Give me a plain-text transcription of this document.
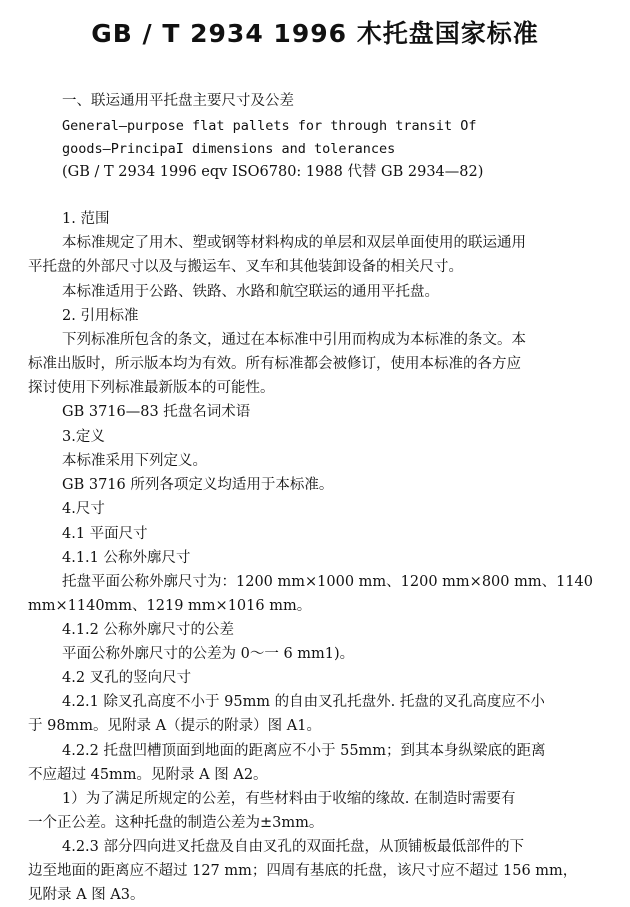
GB / T 2934 1996 木托盘国家标准
一、联运通用平托盘主要尺寸及公差
General—purpose flat pallets for through transit Of
goods—PrincipaI dimensions and tolerances
(GB / T 2934 1996 eqv ISO6780: 1988 代替 GB 2934—82)
1. 范围
本标准规定了用木、塑或钢等材料构成的单层和双层单面使用的联运通用
平托盘的外部尺寸以及与搬运车、叉车和其他装卸设备的相关尺寸。
本标准适用于公路、铁路、水路和航空联运的通用平托盘。
2. 引用标准
下列标准所包含的条文，通过在本标准中引用而构成为本标准的条文。本
标准出版时，所示版本均为有效。所有标准都会被修订，使用本标准的各方应
探讨使用下列标准最新版本的可能性。
GB 3716—83 托盘名词术语
3.定义
本标准采用下列定义。
GB 3716 所列各项定义均适用于本标准。
4.尺寸
4.1 平面尺寸
4.1.1 公称外廓尺寸
托盘平面公称外廓尺寸为：1200 mm×1000 mm、1200 mm×800 mm、1140
mm×1140mm、1219 mm×1016 mm。
4.1.2 公称外廓尺寸的公差
平面公称外廓尺寸的公差为 0〜一 6 mm1)。
4.2 叉孔的竖向尺寸
4.2.1 除叉孔高度不小于 95mm 的自由叉孔托盘外. 托盘的叉孔高度应不小
于 98mm。见附录 A（提示的附录）图 A1。
4.2.2 托盘凹槽顶面到地面的距离应不小于 55mm；到其本身纵梁底的距离
不应超过 45mm。见附录 A 图 A2。
1）为了满足所规定的公差，有些材料由于收缩的缘故. 在制造时需要有
一个正公差。这种托盘的制造公差为±3mm。
4.2.3 部分四向进叉托盘及自由叉孔的双面托盘，从顶铺板最低部件的下
边至地面的距离应不超过 127 mm；四周有基底的托盘，该尺寸应不超过 156 mm，
见附录 A 图 A3。
